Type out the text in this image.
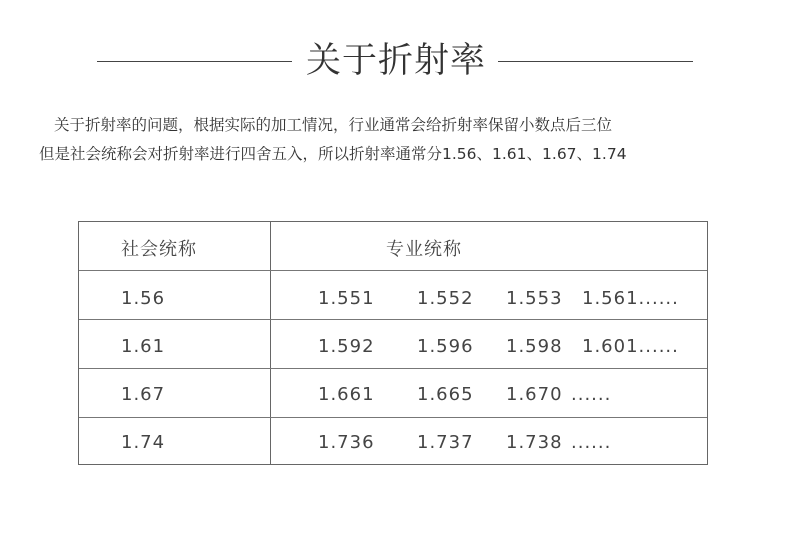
关于折射率
关于折射率的问题，根据实际的加工情况，行业通常会给折射率保留小数点后三位
但是社会统称会对折射率进行四舍五入，所以折射率通常分1.56、1.61、1.67、1.74
社会统称	专业统称
1.56	1.551 1.552 1.553 1.561......
1.61	1.592 1.596 1.598 1.601......
1.67	1.661 1.665 1.670 ......
1.74	1.736 1.737 1.738 ......
